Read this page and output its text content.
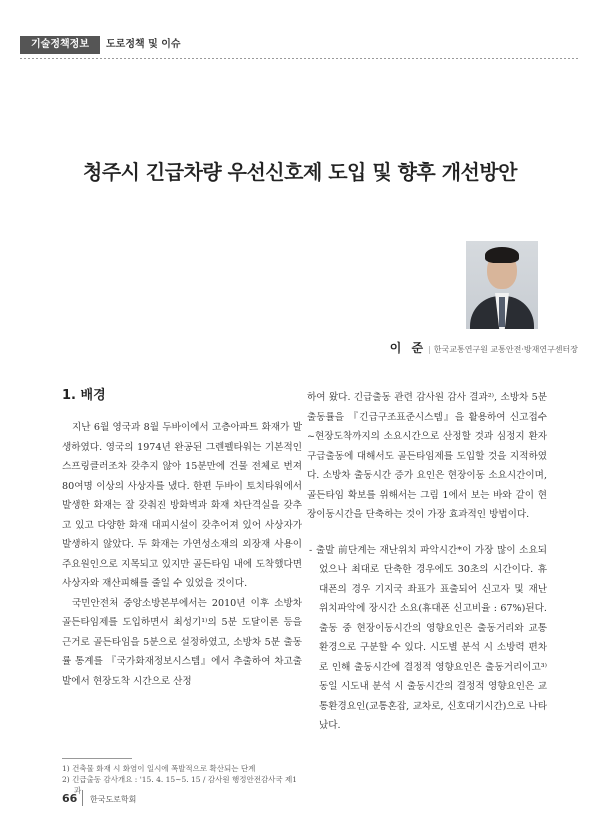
기술정책정보	도로정책 및 이슈
청주시 긴급차량 우선신호제 도입 및 향후 개선방안
이 준 | 한국교통연구원 교통안전·방재연구센터장
1. 배경

지난 6월 영국과 8월 두바이에서 고층아파트 화재가 발생하였다. 영국의 1974년 완공된 그렌펠타워는 기본적인 스프링클러조차 갖추지 않아 15분만에 건물 전체로 번져 80여명 이상의 사상자를 냈다. 한편 두바이 토치타워에서 발생한 화재는 잘 갖춰진 방화벽과 화재 차단격실을 갖추고 있고 다양한 화재 대피시설이 갖추어져 있어 사상자가 발생하지 않았다. 두 화재는 가연성소재의 외장재 사용이 주요원인으로 지목되고 있지만 골든타임 내에 도착했다면 사상자와 재산피해를 줄일 수 있었을 것이다.

국민안전처 중앙소방본부에서는 2010년 이후 소방차 골든타임제를 도입하면서 최성기¹⁾의 5분 도달이론 등을 근거로 골든타임을 5분으로 설정하였고, 소방차 5분 출동률 통계를 『국가화재정보시스템』에서 추출하여 차고출발에서 현장도착 시간으로 산정

하여 왔다. 긴급출동 관련 감사원 감사 결과²⁾, 소방차 5분 출동률을 『긴급구조표준시스템』을 활용하여 신고접수~현장도착까지의 소요시간으로 산정할 것과 심정지 환자 구급출동에 대해서도 골든타임제를 도입할 것을 지적하였다. 소방차 출동시간 증가 요인은 현장이동 소요시간이며, 골든타임 확보를 위해서는 그림 1에서 보는 바와 같이 현장이동시간을 단축하는 것이 가장 효과적인 방법이다.

- 출발 前단계는 재난위치 파악시간*이 가장 많이 소요되었으나 최대로 단축한 경우에도 30초의 시간이다. 휴대폰의 경우 기지국 좌표가 표출되어 신고자 및 재난 위치파악에 장시간 소요(휴대폰 신고비율 : 67%)된다. 출동 중 현장이동시간의 영향요인은 출동거리와 교통환경으로 구분할 수 있다. 시도별 분석 시 소방력 편차로 인해 출동시간에 결정적 영향요인은 출동거리이고³⁾ 동일 시도내 분석 시 출동시간의 결정적 영향요인은 교통환경요인(교통혼잡, 교차로, 신호대기시간)으로 나타났다.

1) 건축물 화재 시 화염이 일시에 폭발적으로 확산되는 단계
2) 긴급출동 감사개요 : '15. 4. 15~5. 15 / 감사원 행정안전감사국 제1과
66 한국도로학회
